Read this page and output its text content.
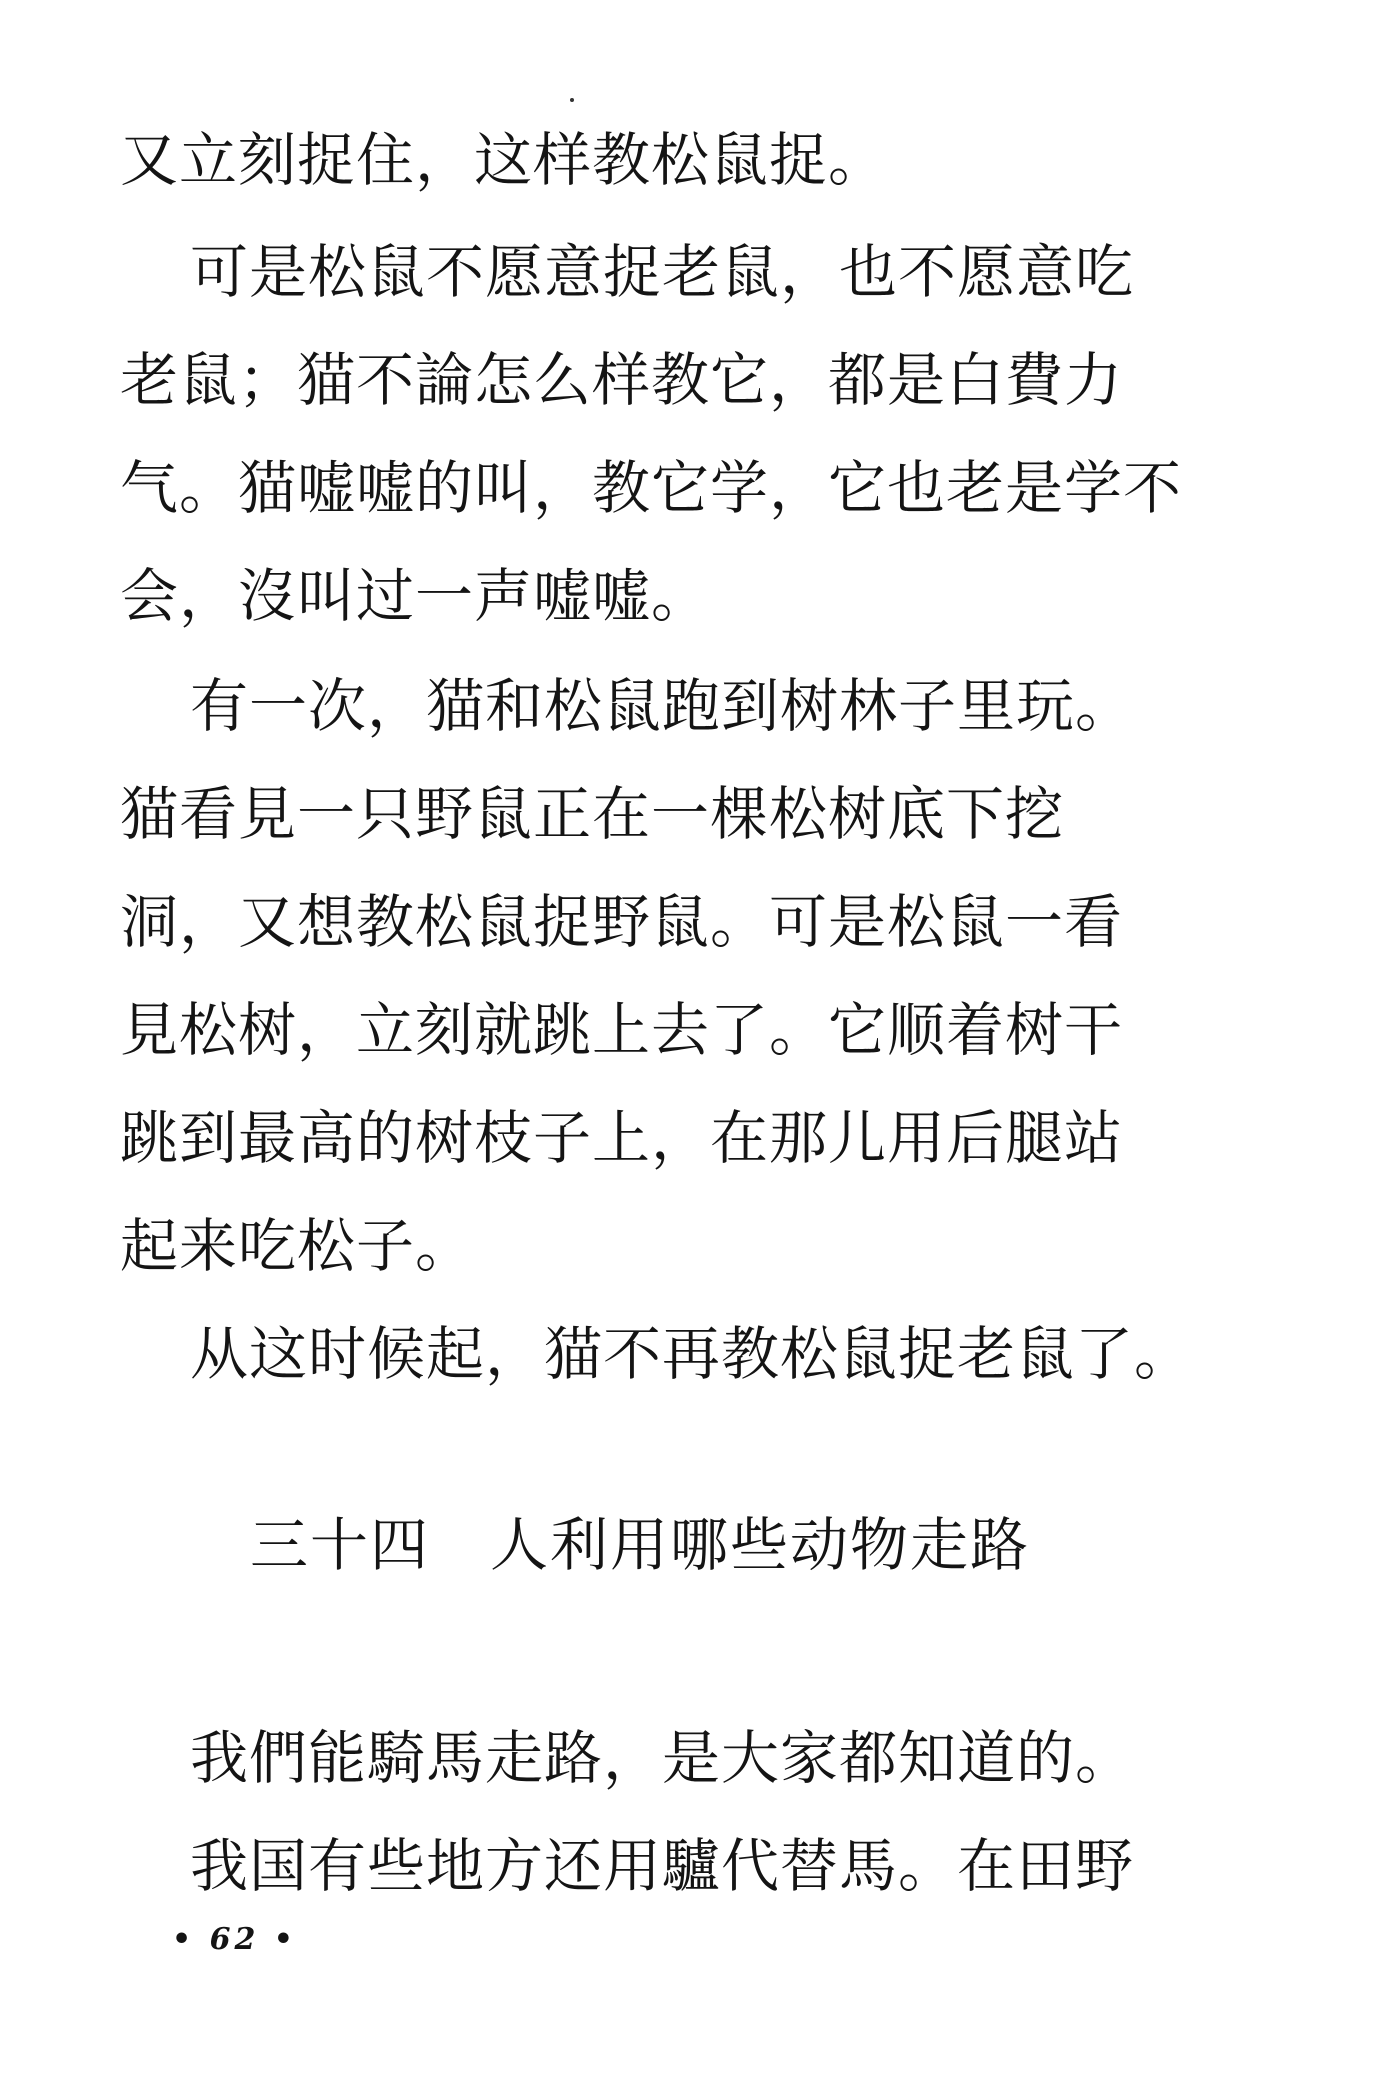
又立刻捉住，这样教松鼠捉。
可是松鼠不愿意捉老鼠，也不愿意吃
老鼠；猫不論怎么样教它，都是白費力
气。猫嘘嘘的叫，教它学，它也老是学不
会，沒叫过一声嘘嘘。
有一次，猫和松鼠跑到树林子里玩。
猫看見一只野鼠正在一棵松树底下挖
洞，又想教松鼠捉野鼠。可是松鼠一看
見松树，立刻就跳上去了。它顺着树干
跳到最高的树枝子上，在那儿用后腿站
起来吃松子。
从这时候起，猫不再教松鼠捉老鼠了。
三十四　人利用哪些动物走路
我們能騎馬走路，是大家都知道的。
我国有些地方还用驢代替馬。在田野
• 62 •
